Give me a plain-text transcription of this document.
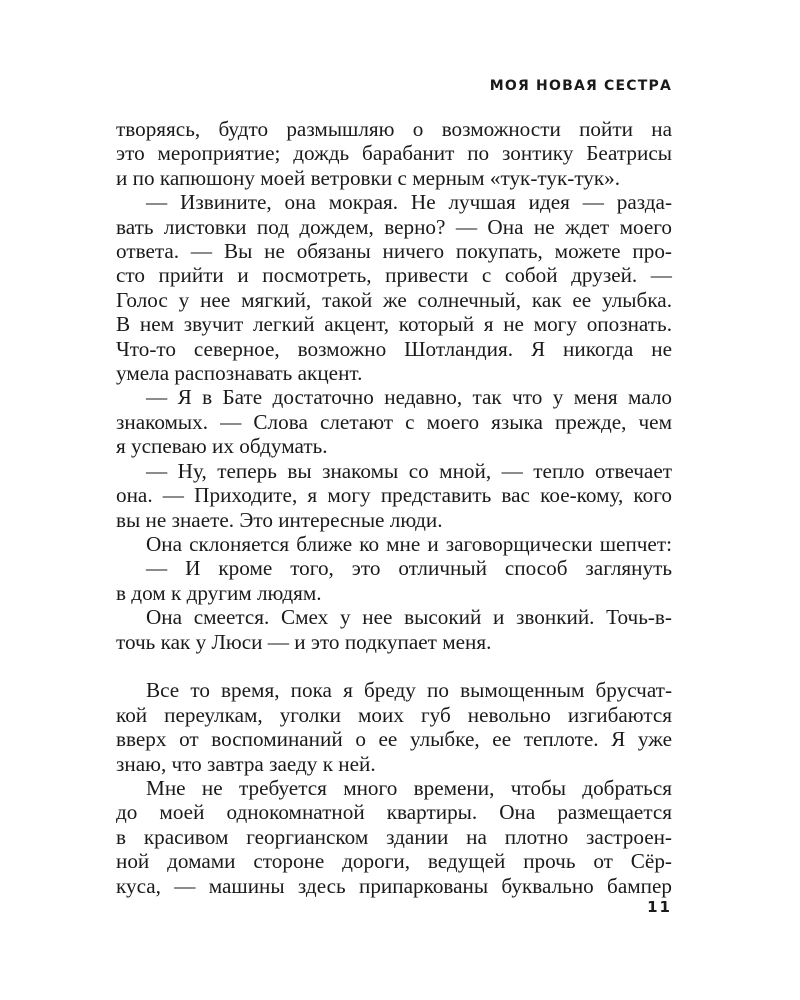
МОЯ НОВАЯ СЕСТРА
творяясь, будто размышляю о возможности пойти на
это мероприятие; дождь барабанит по зонтику Беатрисы
и по капюшону моей ветровки с мерным «тук-тук-тук».
— Извините, она мокрая. Не лучшая идея — разда-
вать листовки под дождем, верно? — Она не ждет моего
ответа. — Вы не обязаны ничего покупать, можете про-
сто прийти и посмотреть, привести с собой друзей. —
Голос у нее мягкий, такой же солнечный, как ее улыбка.
В нем звучит легкий акцент, который я не могу опознать.
Что-то северное, возможно Шотландия. Я никогда не
умела распознавать акцент.
— Я в Бате достаточно недавно, так что у меня мало
знакомых. — Слова слетают с моего языка прежде, чем
я успеваю их обдумать.
— Ну, теперь вы знакомы со мной, — тепло отвечает
она. — Приходите, я могу представить вас кое-кому, кого
вы не знаете. Это интересные люди.
Она склоняется ближе ко мне и заговорщически шепчет:
— И кроме того, это отличный способ заглянуть
в дом к другим людям.
Она смеется. Смех у нее высокий и звонкий. Точь-в-
точь как у Люси — и это подкупает меня.

Все то время, пока я бреду по вымощенным брусчат-
кой переулкам, уголки моих губ невольно изгибаются
вверх от воспоминаний о ее улыбке, ее теплоте. Я уже
знаю, что завтра заеду к ней.
Мне не требуется много времени, чтобы добраться
до моей однокомнатной квартиры. Она размещается
в красивом георгианском здании на плотно застроен-
ной домами стороне дороги, ведущей прочь от Сёр-
куса, — машины здесь припаркованы буквально бампер
11
